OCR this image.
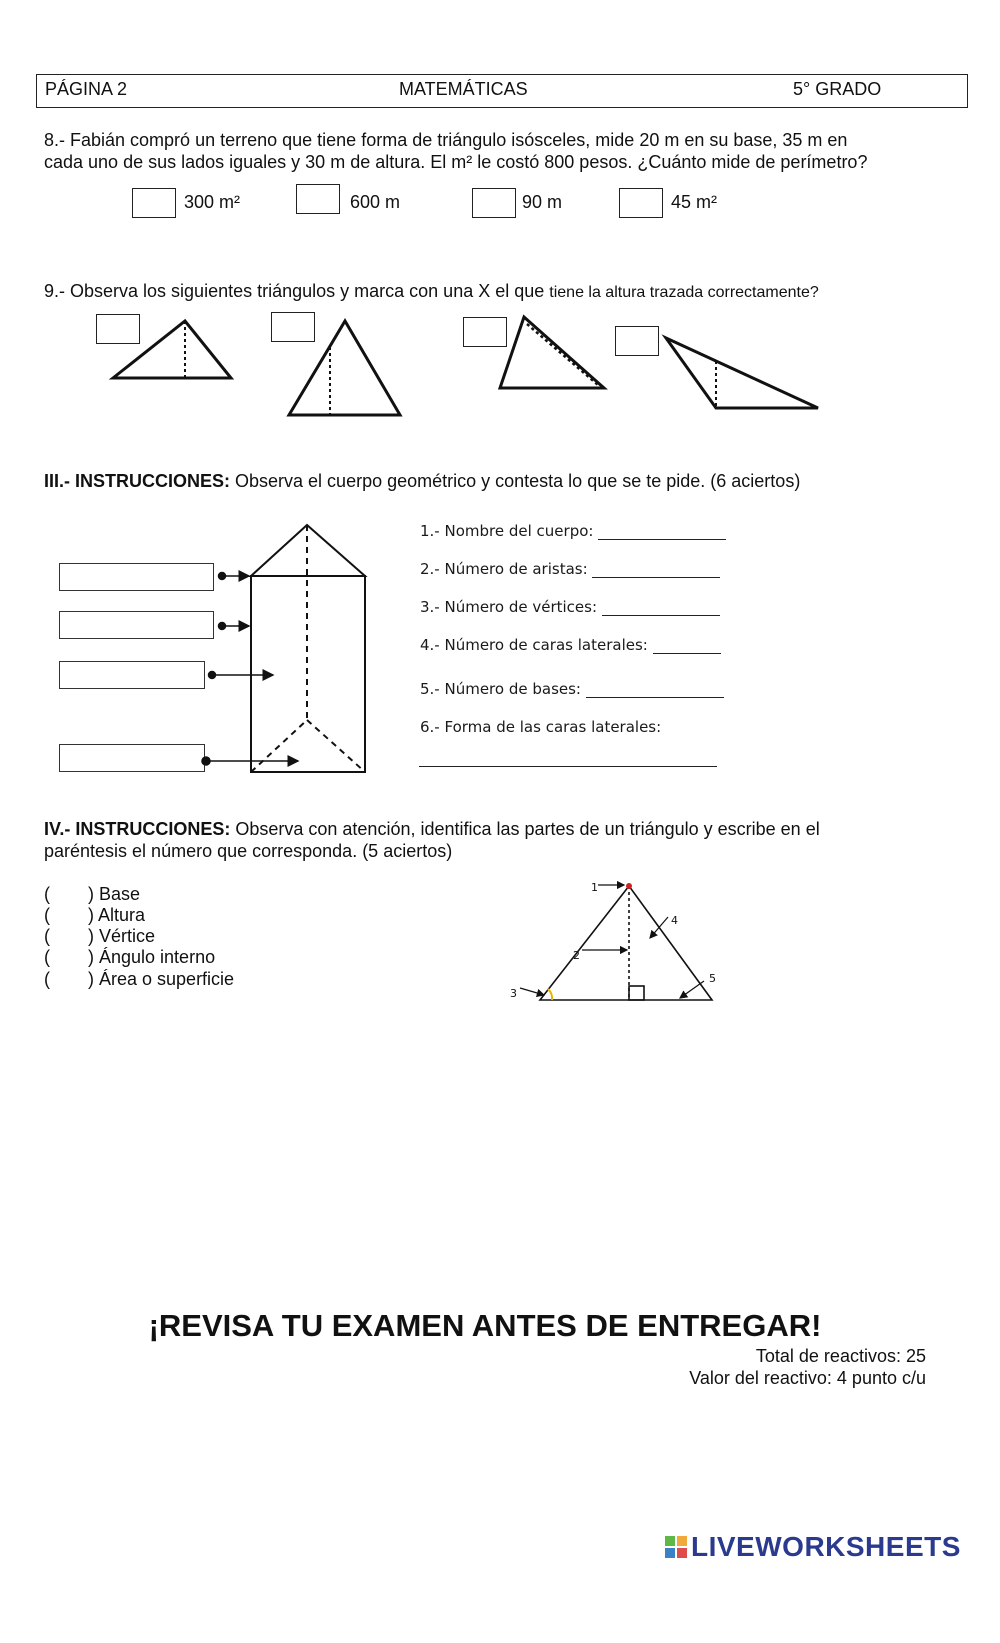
PÁGINA 2	MATEMÁTICAS	5° GRADO
8.- Fabián compró un terreno que tiene forma de triángulo isósceles, mide 20 m en su base, 35 m en
cada uno de sus lados iguales y 30 m de altura. El m² le costó 800 pesos. ¿Cuánto mide de perímetro?
300 m²	600 m	90 m	45 m²
9.- Observa los siguientes triángulos y marca con una X el que tiene la altura trazada correctamente?
III.- INSTRUCCIONES: Observa el cuerpo geométrico y contesta lo que se te pide. (6 aciertos)
1.- Nombre del cuerpo:
2.- Número de aristas:
3.- Número de vértices:
4.- Número de caras laterales:
5.- Número de bases:
6.- Forma de las caras laterales:
IV.- INSTRUCCIONES: Observa con atención, identifica las partes de un triángulo y escribe en el
paréntesis el número que corresponda. (5 aciertos)
( ) Base
( ) Altura
( ) Vértice
( ) Ángulo interno
( ) Área o superficie
1
2
3
4
5
¡REVISA TU EXAMEN ANTES DE ENTREGAR!
Total de reactivos: 25
Valor del reactivo: 4 punto c/u
LIVEWORKSHEETS
